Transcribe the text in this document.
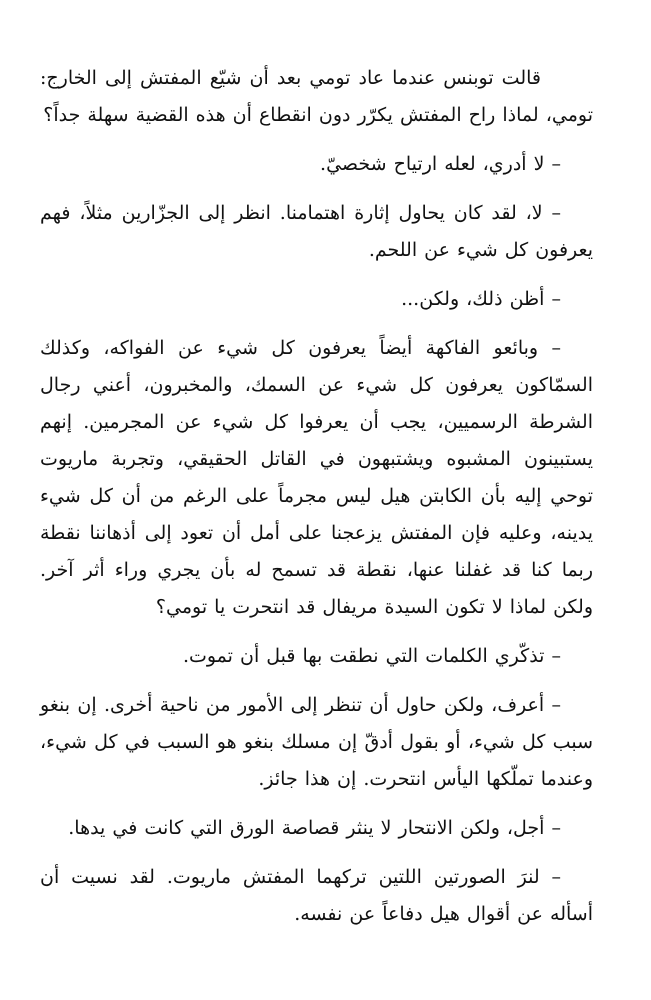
قالت توبنس عندما عاد تومي بعد أن شيّع المفتش إلى الخارج: تومي، لماذا راح المفتش يكرّر دون انقطاع أن هذه القضية سهلة جداً؟

– لا أدري، لعله ارتياح شخصيّ.

– لا، لقد كان يحاول إثارة اهتمامنا. انظر إلى الجزّارين مثلاً، فهم يعرفون كل شيء عن اللحم.

– أظن ذلك، ولكن...

– وبائعو الفاكهة أيضاً يعرفون كل شيء عن الفواكه، وكذلك السمّاكون يعرفون كل شيء عن السمك، والمخبرون، أعني رجال الشرطة الرسميين، يجب أن يعرفوا كل شيء عن المجرمين. إنهم يستبينون المشبوه ويشتبهون في القاتل الحقيقي، وتجربة ماريوت توحي إليه بأن الكابتن هيل ليس مجرماً على الرغم من أن كل شيء يدينه، وعليه فإن المفتش يزعجنا على أمل أن تعود إلى أذهاننا نقطة ربما كنا قد غفلنا عنها، نقطة قد تسمح له بأن يجري وراء أثر آخر. ولكن لماذا لا تكون السيدة مريفال قد انتحرت يا تومي؟

– تذكّري الكلمات التي نطقت بها قبل أن تموت.

– أعرف، ولكن حاول أن تنظر إلى الأمور من ناحية أخرى. إن بنغو سبب كل شيء، أو بقول أدقّ إن مسلك بنغو هو السبب في كل شيء، وعندما تملّكها اليأس انتحرت. إن هذا جائز.

– أجل، ولكن الانتحار لا ينثر قصاصة الورق التي كانت في يدها.

– لنرَ الصورتين اللتين تركهما المفتش ماريوت. لقد نسيت أن أسأله عن أقوال هيل دفاعاً عن نفسه.
